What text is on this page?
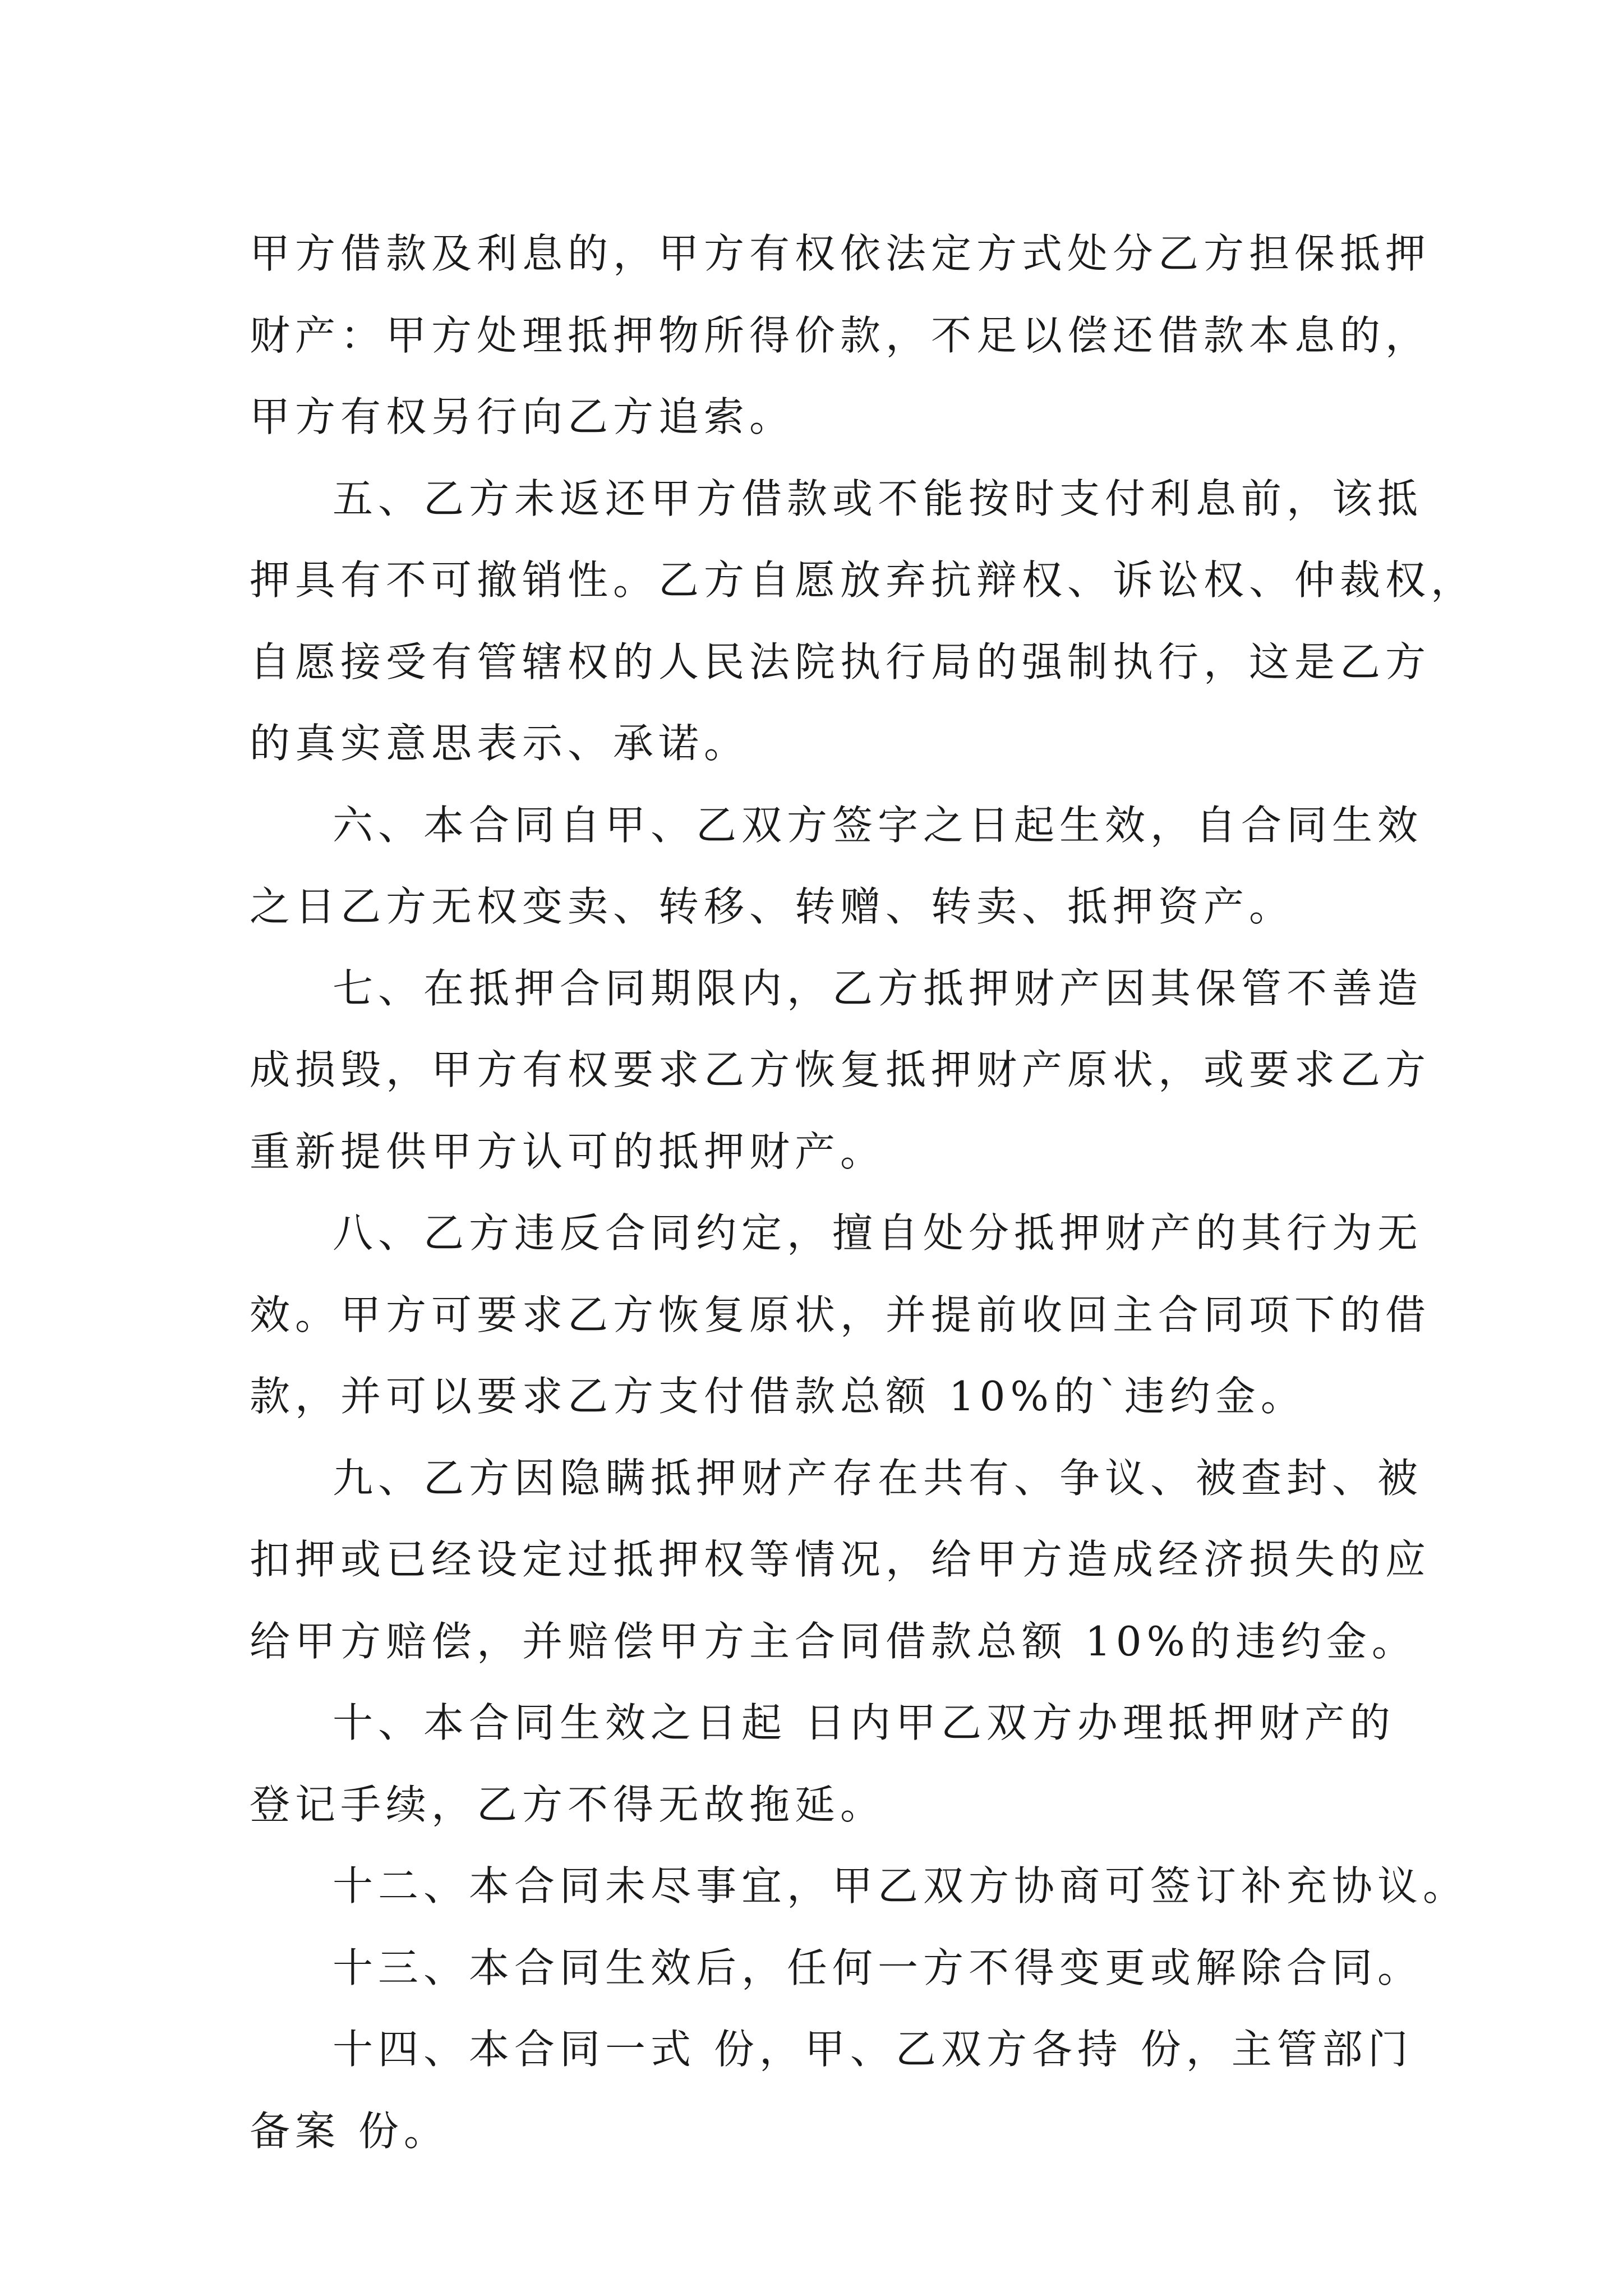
甲方借款及利息的，甲方有权依法定方式处分乙方担保抵押
财产：甲方处理抵押物所得价款，不足以偿还借款本息的，
甲方有权另行向乙方追索。
五、乙方未返还甲方借款或不能按时支付利息前，该抵
押具有不可撤销性。乙方自愿放弃抗辩权、诉讼权、仲裁权，
自愿接受有管辖权的人民法院执行局的强制执行，这是乙方
的真实意思表示、承诺。
六、本合同自甲、乙双方签字之日起生效，自合同生效
之日乙方无权变卖、转移、转赠、转卖、抵押资产。
七、在抵押合同期限内，乙方抵押财产因其保管不善造
成损毁，甲方有权要求乙方恢复抵押财产原状，或要求乙方
重新提供甲方认可的抵押财产。
八、乙方违反合同约定，擅自处分抵押财产的其行为无
效。甲方可要求乙方恢复原状，并提前收回主合同项下的借
款，并可以要求乙方支付借款总额 10%的`违约金。
九、乙方因隐瞒抵押财产存在共有、争议、被查封、被
扣押或已经设定过抵押权等情况，给甲方造成经济损失的应
给甲方赔偿，并赔偿甲方主合同借款总额 10%的违约金。
十、本合同生效之日起 日内甲乙双方办理抵押财产的
登记手续，乙方不得无故拖延。
十二、本合同未尽事宜，甲乙双方协商可签订补充协议。
十三、本合同生效后，任何一方不得变更或解除合同。
十四、本合同一式 份，甲、乙双方各持 份，主管部门
备案 份。
